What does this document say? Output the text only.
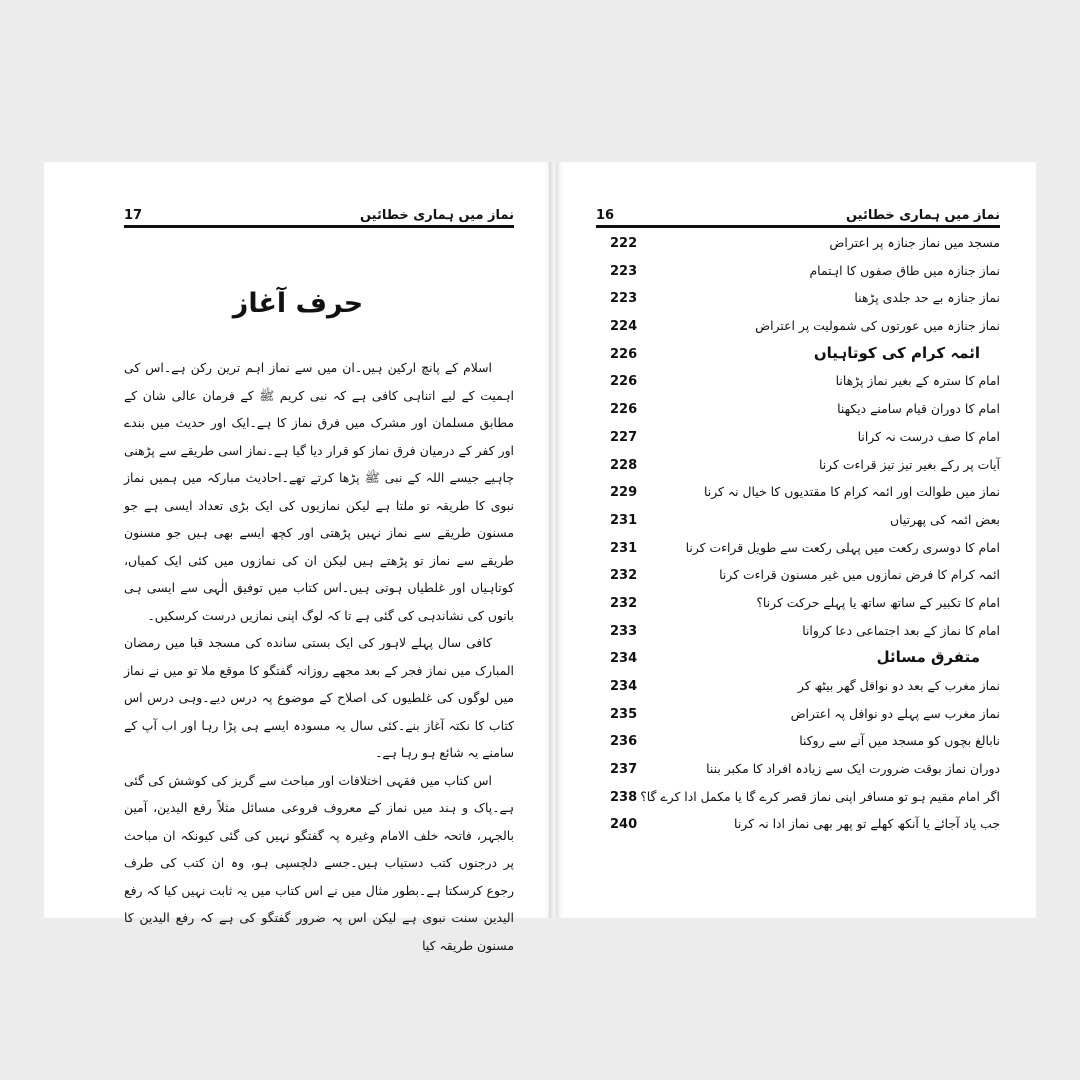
17	نماز میں ہماری خطائیں
حرف آغاز

اسلام کے پانچ ارکین ہیں۔ان میں سے نماز اہم ترین رکن ہے۔اس کی اہمیت کے لیے اتناہی کافی ہے کہ نبی کریم ﷺ کے فرمان عالی شان کے مطابق مسلمان اور مشرک میں فرق نماز کا ہے۔ایک اور حدیث میں بندے اور کفر کے درمیان فرق نماز کو قرار دیا گیا ہے۔نماز اسی طریقے سے پڑھنی چاہیے جیسے اللہ کے نبی ﷺ پڑھا کرتے تھے۔احادیث مبارکہ میں ہمیں نماز نبوی کا طریقہ تو ملتا ہے لیکن نمازیوں کی ایک بڑی تعداد ایسی ہے جو مسنون طریقے سے نماز نہیں پڑھتی اور کچھ ایسے بھی ہیں جو مسنون طریقے سے نماز تو پڑھتے ہیں لیکن ان کی نمازوں میں کئی ایک کمیاں، کوتاہیاں اور غلطیاں ہوتی ہیں۔اس کتاب میں توفیق الٰہی سے ایسی ہی باتوں کی نشاندہی کی گئی ہے تا کہ لوگ اپنی نمازیں درست کرسکیں۔

کافی سال پہلے لاہور کی ایک بستی سانده کی مسجد قبا میں رمضان المبارک میں نماز فجر کے بعد مجھے روزانہ گفتگو کا موقع ملا تو میں نے نماز میں لوگوں کی غلطیوں کی اصلاح کے موضوع پہ درس دیے۔وہی درس اس کتاب کا نکتہ آغاز بنے۔کئی سال یہ مسودہ ایسے ہی پڑا رہا اور اب آپ کے سامنے یہ شائع ہو رہا ہے۔

اس کتاب میں فقہی اختلافات اور مباحث سے گریز کی کوشش کی گئی ہے۔پاک و ہند میں نماز کے معروف فروعی مسائل مثلاً رفع الیدین، آمین بالجہر، فاتحہ خلف الامام وغیرہ پہ گفتگو نہیں کی گئی کیونکہ ان مباحث پر درجنوں کتب دستیاب ہیں۔جسے دلچسپی ہو، وہ ان کتب کی طرف رجوع کرسکتا ہے۔بطور مثال میں نے اس کتاب میں یہ ثابت نہیں کیا کہ رفع الیدین سنت نبوی ہے لیکن اس پہ ضرور گفتگو کی ہے کہ رفع الیدین کا مسنون طریقہ کیا

16	نماز میں ہماری خطائیں
مسجد میں نماز جنازہ پر اعتراض
222
نماز جنازہ میں طاق صفوں کا اہتمام
223
نماز جنازہ بے حد جلدی پڑھنا
223
نماز جنازہ میں عورتوں کی شمولیت پر اعتراض
224
ائمہ کرام کی کوتاہیاں
226
امام کا سترہ کے بغیر نماز پڑھانا
226
امام کا دوران قیام سامنے دیکھنا
226
امام کا صف درست نہ کرانا
227
آیات پر رکے بغیر تیز تیز قراءت کرنا
228
نماز میں طوالت اور ائمہ کرام کا مقتدیوں کا خیال نہ کرنا
229
بعض ائمہ کی پھرتیاں
231
امام کا دوسری رکعت میں پہلی رکعت سے طویل قراءت کرنا
231
ائمہ کرام کا فرض نمازوں میں غیر مسنون قراءت کرنا
232
امام کا تکبیر کے ساتھ ساتھ یا پہلے حرکت کرنا؟
232
امام کا نماز کے بعد اجتماعی دعا کروانا
233
متفرق مسائل
234
نماز مغرب کے بعد دو نوافل گھر بیٹھ کر
234
نماز مغرب سے پہلے دو نوافل پہ اعتراض
235
نابالغ بچوں کو مسجد میں آنے سے روکنا
236
دوران نماز بوقت ضرورت ایک سے زیادہ افراد کا مکبر بننا
237
اگر امام مقیم ہو تو مسافر اپنی نماز قصر کرے گا یا مکمل ادا کرے گا؟
238
جب یاد آجائے یا آنکھ کھلے تو پھر بھی نماز ادا نہ کرنا
240
